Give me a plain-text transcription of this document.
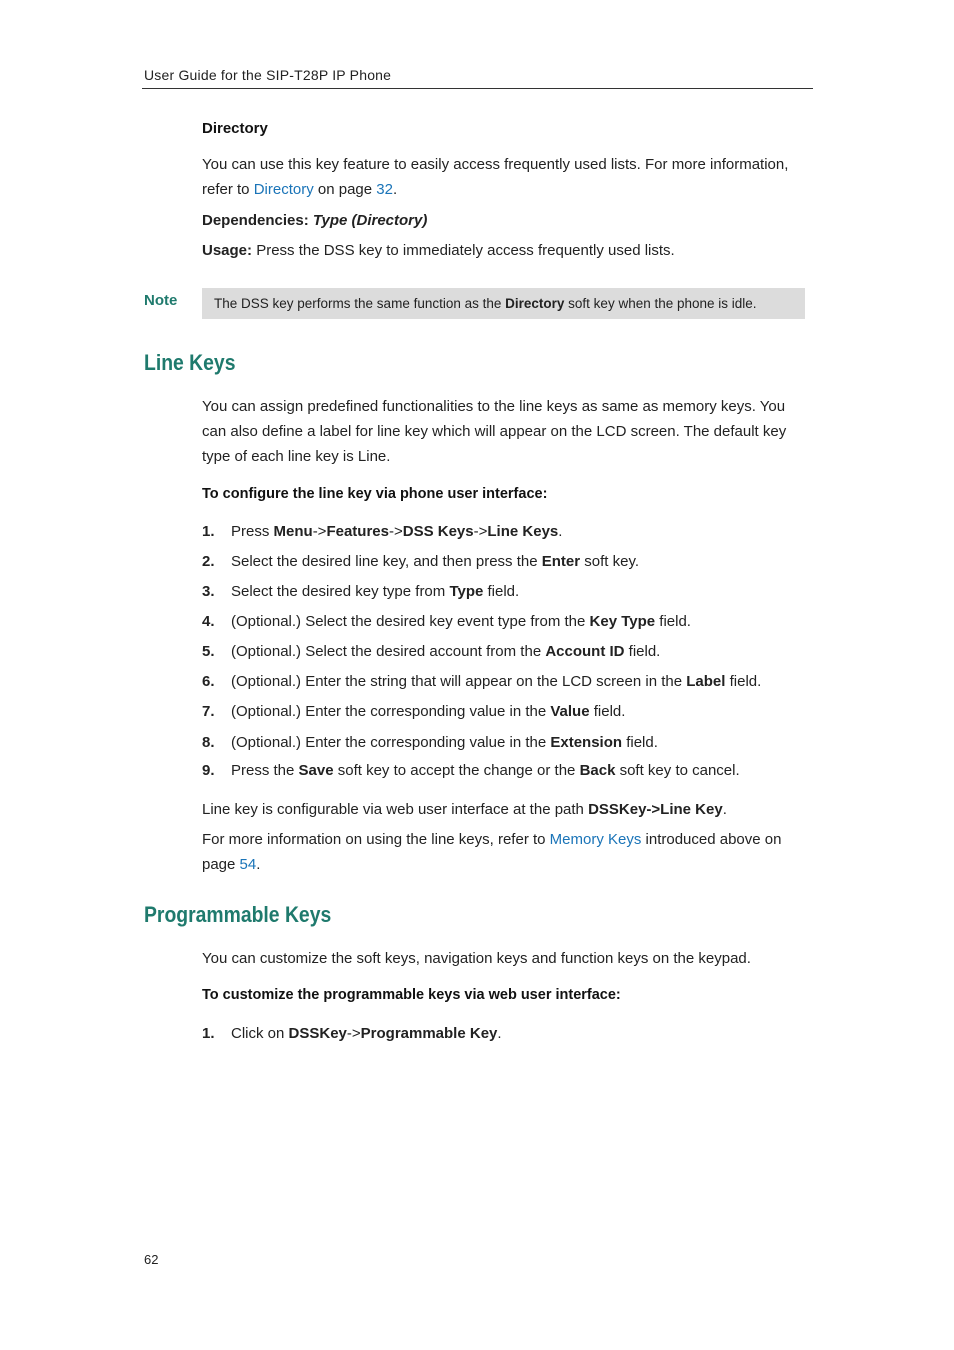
User Guide for the SIP-T28P IP Phone
Directory
You can use this key feature to easily access frequently used lists. For more information,
refer to Directory on page 32.
Dependencies: Type (Directory)
Usage: Press the DSS key to immediately access frequently used lists.
Note	The DSS key performs the same function as the Directory soft key when the phone is idle.
Line Keys
You can assign predefined functionalities to the line keys as same as memory keys. You
can also define a label for line key which will appear on the LCD screen. The default key
type of each line key is Line.
To configure the line key via phone user interface:
1. Press Menu->Features->DSS Keys->Line Keys.
2. Select the desired line key, and then press the Enter soft key.
3. Select the desired key type from Type field.
4. (Optional.) Select the desired key event type from the Key Type field.
5. (Optional.) Select the desired account from the Account ID field.
6. (Optional.) Enter the string that will appear on the LCD screen in the Label field.
7. (Optional.) Enter the corresponding value in the Value field.
8. (Optional.) Enter the corresponding value in the Extension field.
9. Press the Save soft key to accept the change or the Back soft key to cancel.
Line key is configurable via web user interface at the path DSSKey->Line Key.
For more information on using the line keys, refer to Memory Keys introduced above on
page 54.
Programmable Keys
You can customize the soft keys, navigation keys and function keys on the keypad.
To customize the programmable keys via web user interface:
1. Click on DSSKey->Programmable Key.
62
